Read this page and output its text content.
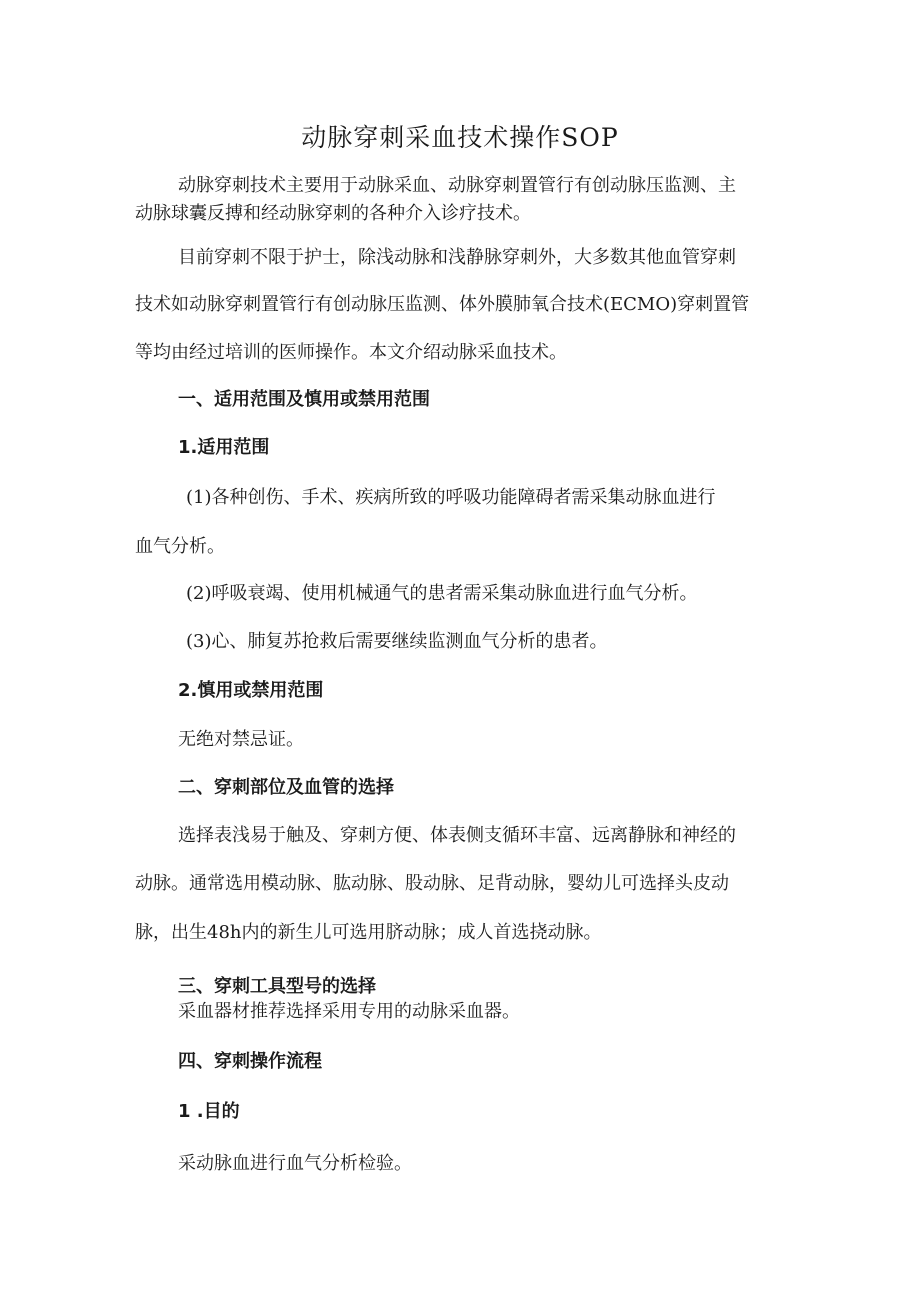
动脉穿刺采血技术操作SOP
动脉穿刺技术主要用于动脉采血、动脉穿刺置管行有创动脉压监测、主
动脉球囊反搏和经动脉穿刺的各种介入诊疗技术。
目前穿刺不限于护士，除浅动脉和浅静脉穿刺外，大多数其他血管穿刺
技术如动脉穿刺置管行有创动脉压监测、体外膜肺氧合技术(ECMO)穿刺置管
等均由经过培训的医师操作。本文介绍动脉采血技术。
一、适用范围及慎用或禁用范围
1.适用范围
(1)各种创伤、手术、疾病所致的呼吸功能障碍者需采集动脉血进行
血气分析。
(2)呼吸衰竭、使用机械通气的患者需采集动脉血进行血气分析。
(3)心、肺复苏抢救后需要继续监测血气分析的患者。
2.慎用或禁用范围
无绝对禁忌证。
二、穿刺部位及血管的选择
选择表浅易于触及、穿刺方便、体表侧支循环丰富、远离静脉和神经的
动脉。通常选用模动脉、肱动脉、股动脉、足背动脉，婴幼儿可选择头皮动
脉，出生48h内的新生儿可选用脐动脉；成人首选挠动脉。
三、穿刺工具型号的选择
采血器材推荐选择采用专用的动脉采血器。
四、穿刺操作流程
1 .目的
采动脉血进行血气分析检验。
